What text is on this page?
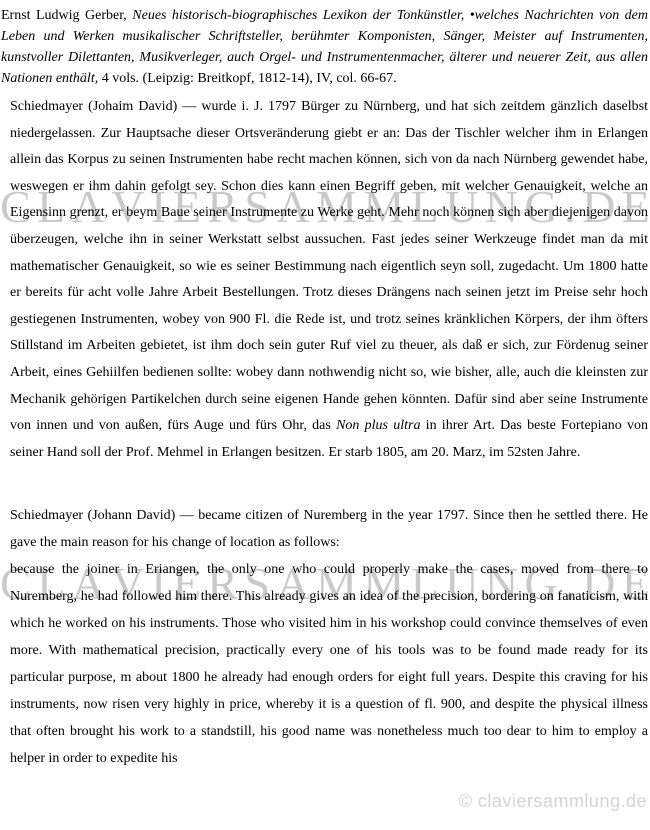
C L A V I E R S A M M L U N G . D E
C L A V I E R S A M M L U N G . D E

Ernst Ludwig Gerber, Neues historisch-biographisches Lexikon der Tonkünstler, •welches Nachrichten von dem Leben und Werken musikalischer Schriftsteller, berühmter Komponisten, Sänger, Meister auf Instrumenten, kunstvoller Dilettanten, Musikverleger, auch Orgel- und Instrumentenmacher, älterer und neuerer Zeit, aus allen Nationen enthält, 4 vols. (Leipzig: Breitkopf, 1812-14), IV, col. 66-67.

Schiedmayer (Johaim David) — wurde i. J. 1797 Bürger zu Nürnberg, und hat sich zeitdem gänzlich daselbst niedergelassen. Zur Hauptsache dieser Ortsveränderung giebt er an: Das der Tischler welcher ihm in Erlangen allein das Korpus zu seinen Instrumenten habe recht machen können, sich von da nach Nürnberg gewendet habe, weswegen er ihm dahin gefolgt sey. Schon dies kann einen Begriff geben, mit welcher Genauigkeit, welche an Eigensinn grenzt, er beym Baue seiner Instrumente zu Werke geht. Mehr noch können sich aber diejenigen davon überzeugen, welche ihn in seiner Werkstatt selbst aussuchen. Fast jedes seiner Werkzeuge findet man da mit mathematischer Genauigkeit, so wie es seiner Bestimmung nach eigentlich seyn soll, zugedacht. Um 1800 hatte er bereits für acht volle Jahre Arbeit Bestellungen. Trotz dieses Drängens nach seinen jetzt im Preise sehr hoch gestiegenen Instrumenten, wobey von 900 Fl. die Rede ist, und trotz seines kränklichen Körpers, der ihm öfters Stillstand im Arbeiten gebietet, ist ihm doch sein guter Ruf viel zu theuer, als daß er sich, zur Fördenug seiner Arbeit, eines Gehiilfen bedienen sollte: wobey dann nothwendig nicht so, wie bisher, alle, auch die kleinsten zur Mechanik gehörigen Partikelchen durch seine eigenen Hande gehen könnten. Dafür sind aber seine Instrumente von innen und von außen, fürs Auge und fürs Ohr, das Non plus ultra in ihrer Art. Das beste Fortepiano von seiner Hand soll der Prof. Mehmel in Erlangen besitzen. Er starb 1805, am 20. Marz, im 52sten Jahre.

Schiedmayer (Johann David) — became citizen of Nuremberg in the year 1797. Since then he settled there. He gave the main reason for his change of location as follows:

because the joiner in Eriangen, the only one who could properly make the cases, moved from there to Nuremberg, he had followed him there. This already gives an idea of the precision, bordering on fanaticism, with which he worked on his instruments. Those who visited him in his workshop could convince themselves of even more. With mathematical precision, practically every one of his tools was to be found made ready for its particular purpose, m about 1800 he already had enough orders for eight full years. Despite this craving for his instruments, now risen very highly in price, whereby it is a question of fl. 900, and despite the physical illness that often brought his work to a standstill, his good name was nonetheless much too dear to him to employ a helper in order to expedite his

© claviersammlung.de
